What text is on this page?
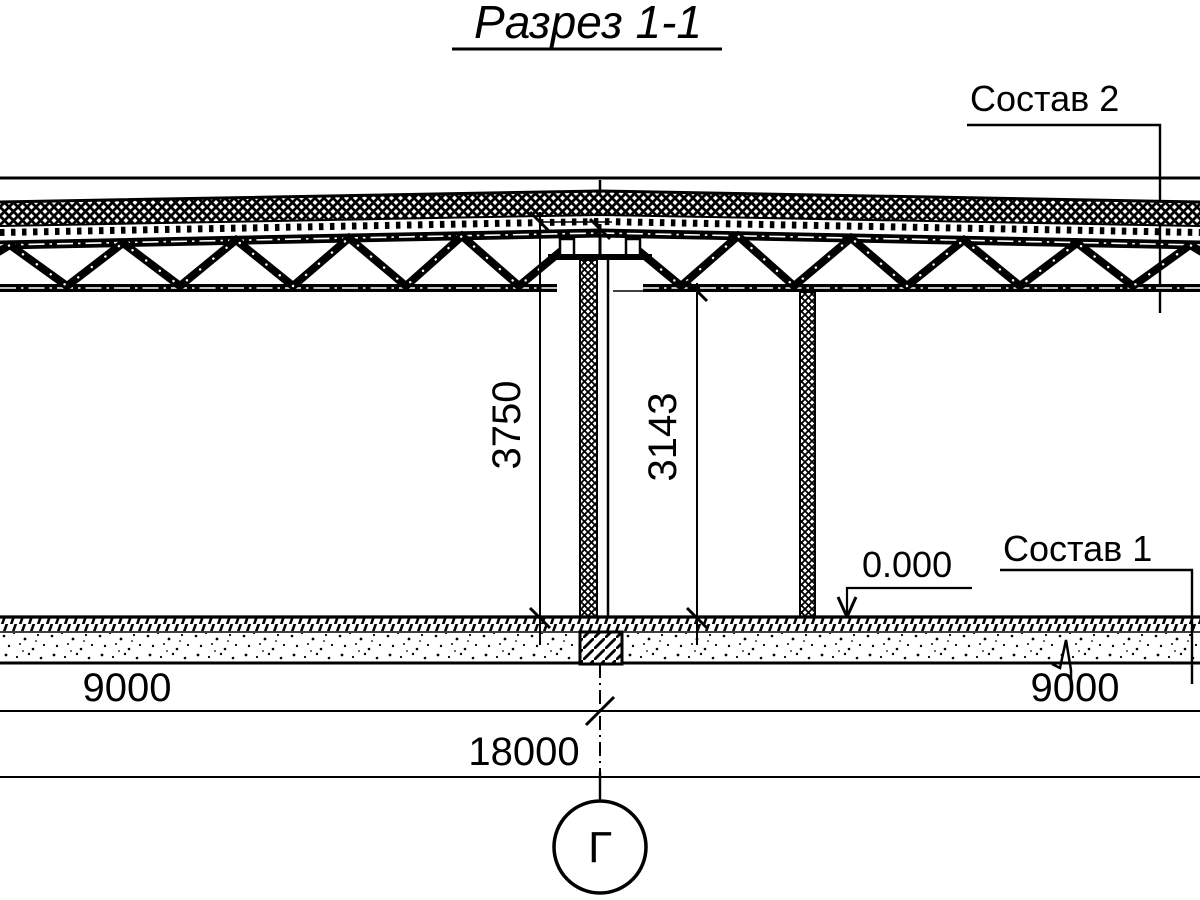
Разрез 1-1
Состав 2
3750	3143
0.000 Состав 1
9000	9000
18000
Г
